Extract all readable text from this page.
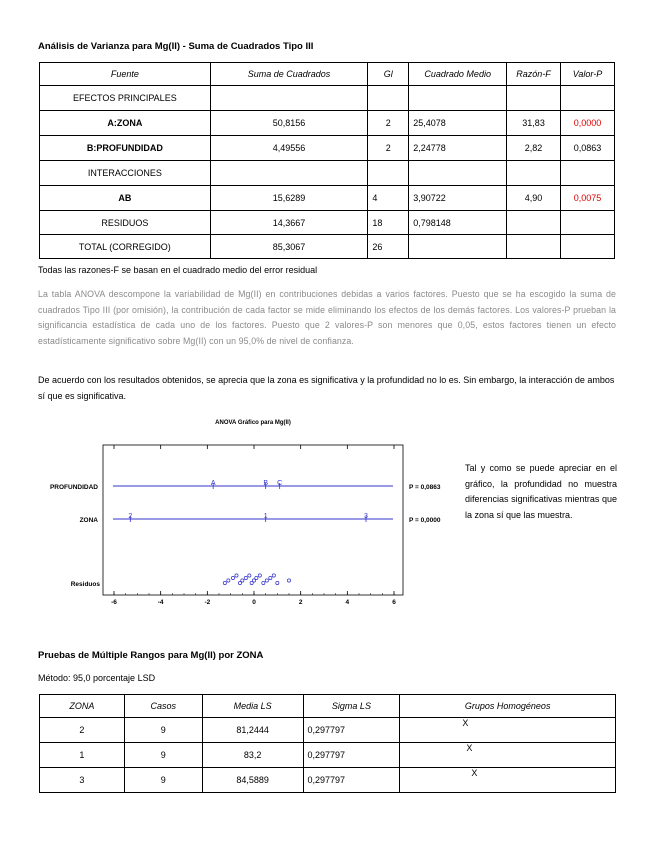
Análisis de Varianza para Mg(II) - Suma de Cuadrados Tipo III
Fuente	Suma de Cuadrados	Gl	Cuadrado Medio	Razón-F	Valor-P
EFECTOS PRINCIPALES					
A:ZONA	50,8156	2	25,4078	31,83	0,0000
B:PROFUNDIDAD	4,49556	2	2,24778	2,82	0,0863
INTERACCIONES					
AB	15,6289	4	3,90722	4,90	0,0075
RESIDUOS	14,3667	18	0,798148		
TOTAL (CORREGIDO)	85,3067	26			
Todas las razones-F se basan en el cuadrado medio del error residual
La tabla ANOVA descompone la variabilidad de Mg(II) en contribuciones debidas a varios factores. Puesto que se ha escogido la suma de cuadrados Tipo III (por omisión), la contribución de cada factor se mide eliminando los efectos de los demás factores. Los valores-P prueban la significancia estadística de cada uno de los factores. Puesto que 2 valores-P son menores que 0,05, estos factores tienen un efecto estadísticamente significativo sobre Mg(II) con un 95,0% de nivel de confianza.
De acuerdo con los resultados obtenidos, se aprecia que la zona es significativa y la profundidad no lo es. Sin embargo, la interacción de ambos sí que es significativa.
ANOVA Gráfico para Mg(II)
-6	-4	-2	0	2	4	6
PROFUNDIDAD	P = 0,0863
A	B C
ZONA	P = 0,0000
2	1	3
Residuos
Tal y como se puede apreciar en el gráfico, la profundidad no muestra diferencias significativas mientras que la zona sí que las muestra.
Pruebas de Múltiple Rangos para Mg(II) por ZONA
Método: 95,0 porcentaje LSD
ZONA	Casos	Media LS	Sigma LS	Grupos Homogéneos
2	9	81,2444	0,297797	X
1	9	83,2	0,297797	X
3	9	84,5889	0,297797	X
